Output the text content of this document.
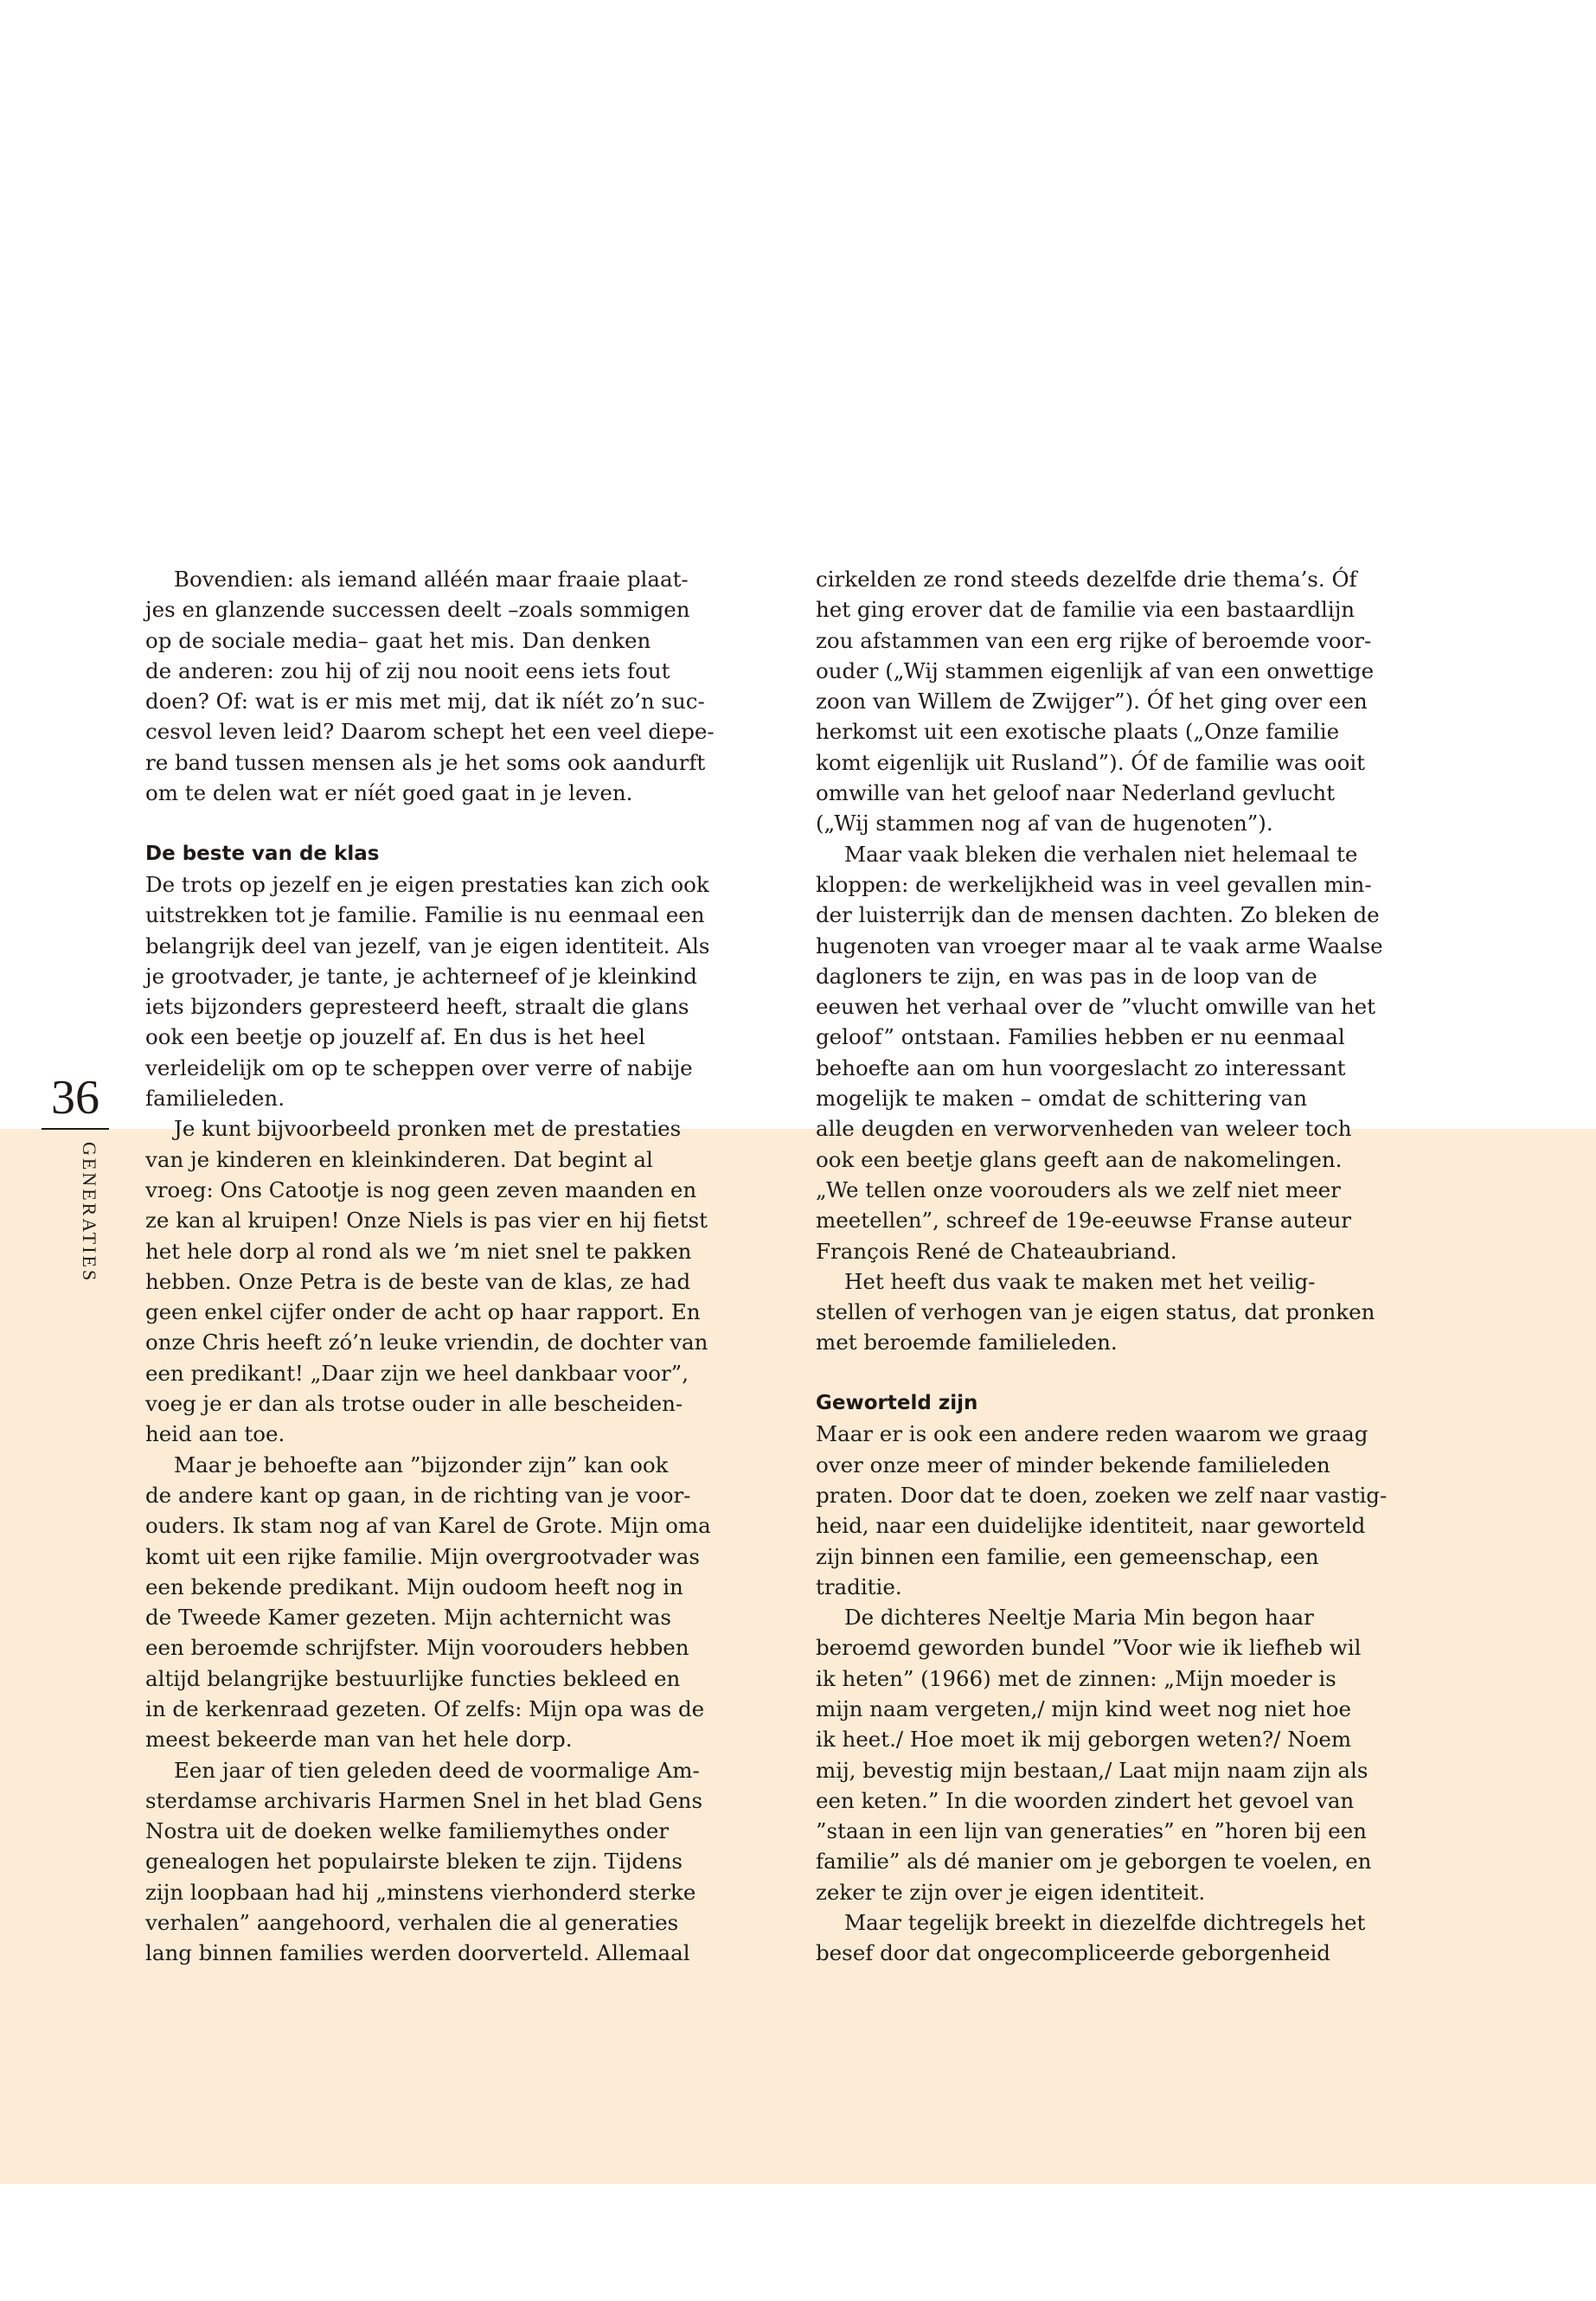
36
GENERATIES
Bovendien: als iemand alléén maar fraaie plaat-
jes en glanzende successen deelt –zoals sommigen
op de sociale media– gaat het mis. Dan denken
de anderen: zou hij of zij nou nooit eens iets fout
doen? Of: wat is er mis met mij, dat ik níét zo’n suc-
cesvol leven leid? Daarom schept het een veel diepe-
re band tussen mensen als je het soms ook aandurft
om te delen wat er níét goed gaat in je leven.
De beste van de klas
De trots op jezelf en je eigen prestaties kan zich ook
uitstrekken tot je familie. Familie is nu eenmaal een
belangrijk deel van jezelf, van je eigen identiteit. Als
je grootvader, je tante, je achterneef of je kleinkind
iets bijzonders gepresteerd heeft, straalt die glans
ook een beetje op jouzelf af. En dus is het heel
verleidelijk om op te scheppen over verre of nabije
familieleden.
Je kunt bijvoorbeeld pronken met de prestaties
van je kinderen en kleinkinderen. Dat begint al
vroeg: Ons Catootje is nog geen zeven maanden en
ze kan al kruipen! Onze Niels is pas vier en hij fietst
het hele dorp al rond als we ’m niet snel te pakken
hebben. Onze Petra is de beste van de klas, ze had
geen enkel cijfer onder de acht op haar rapport. En
onze Chris heeft zó’n leuke vriendin, de dochter van
een predikant! „Daar zijn we heel dankbaar voor”,
voeg je er dan als trotse ouder in alle bescheiden-
heid aan toe.
Maar je behoefte aan ”bijzonder zijn” kan ook
de andere kant op gaan, in de richting van je voor-
ouders. Ik stam nog af van Karel de Grote. Mijn oma
komt uit een rijke familie. Mijn overgrootvader was
een bekende predikant. Mijn oudoom heeft nog in
de Tweede Kamer gezeten. Mijn achternicht was
een beroemde schrijfster. Mijn voorouders hebben
altijd belangrijke bestuurlijke functies bekleed en
in de kerkenraad gezeten. Of zelfs: Mijn opa was de
meest bekeerde man van het hele dorp.
Een jaar of tien geleden deed de voormalige Am-
sterdamse archivaris Harmen Snel in het blad Gens
Nostra uit de doeken welke familiemythes onder
genealogen het populairste bleken te zijn. Tijdens
zijn loopbaan had hij „minstens vierhonderd sterke
verhalen” aangehoord, verhalen die al generaties
lang binnen families werden doorverteld. Allemaal
cirkelden ze rond steeds dezelfde drie thema’s. Óf
het ging erover dat de familie via een bastaardlijn
zou afstammen van een erg rijke of beroemde voor-
ouder („Wij stammen eigenlijk af van een onwettige
zoon van Willem de Zwijger”). Óf het ging over een
herkomst uit een exotische plaats („Onze familie
komt eigenlijk uit Rusland”). Óf de familie was ooit
omwille van het geloof naar Nederland gevlucht
(„Wij stammen nog af van de hugenoten”).
Maar vaak bleken die verhalen niet helemaal te
kloppen: de werkelijkheid was in veel gevallen min-
der luisterrijk dan de mensen dachten. Zo bleken de
hugenoten van vroeger maar al te vaak arme Waalse
dagloners te zijn, en was pas in de loop van de
eeuwen het verhaal over de ”vlucht omwille van het
geloof” ontstaan. Families hebben er nu eenmaal
behoefte aan om hun voorgeslacht zo interessant
mogelijk te maken – omdat de schittering van
alle deugden en verworvenheden van weleer toch
ook een beetje glans geeft aan de nakomelingen.
„We tellen onze voorouders als we zelf niet meer
meetellen”, schreef de 19e-eeuwse Franse auteur
François René de Chateaubriand.
Het heeft dus vaak te maken met het veilig-
stellen of verhogen van je eigen status, dat pronken
met beroemde familieleden.
Geworteld zijn
Maar er is ook een andere reden waarom we graag
over onze meer of minder bekende familieleden
praten. Door dat te doen, zoeken we zelf naar vastig-
heid, naar een duidelijke identiteit, naar geworteld
zijn binnen een familie, een gemeenschap, een
traditie.
De dichteres Neeltje Maria Min begon haar
beroemd geworden bundel ”Voor wie ik liefheb wil
ik heten” (1966) met de zinnen: „Mijn moeder is
mijn naam vergeten,/ mijn kind weet nog niet hoe
ik heet./ Hoe moet ik mij geborgen weten?/ Noem
mij, bevestig mijn bestaan,/ Laat mijn naam zijn als
een keten.” In die woorden zindert het gevoel van
”staan in een lijn van generaties” en ”horen bij een
familie” als dé manier om je geborgen te voelen, en
zeker te zijn over je eigen identiteit.
Maar tegelijk breekt in diezelfde dichtregels het
besef door dat ongecompliceerde geborgenheid
